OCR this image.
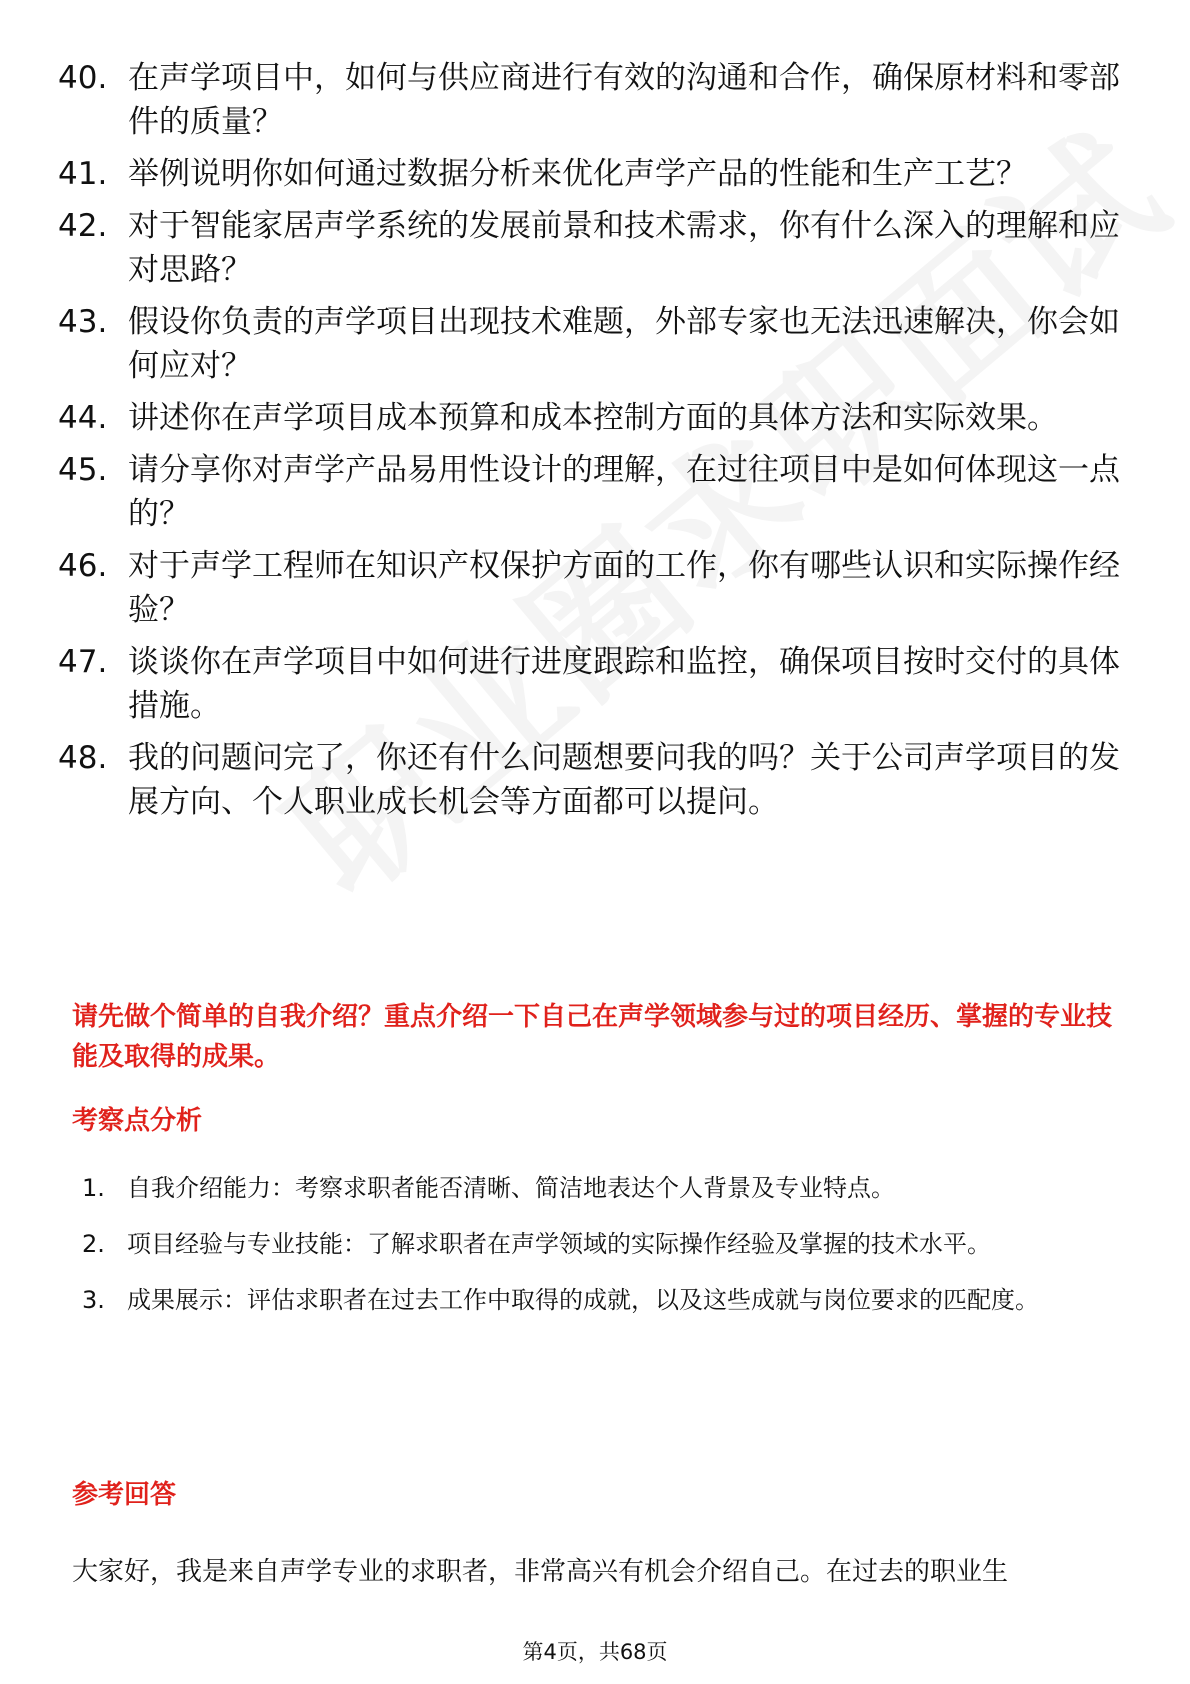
40. 在声学项目中，如何与供应商进行有效的沟通和合作，确保原材料和零部件的质量？
41. 举例说明你如何通过数据分析来优化声学产品的性能和生产工艺？
42. 对于智能家居声学系统的发展前景和技术需求，你有什么深入的理解和应对思路？
43. 假设你负责的声学项目出现技术难题，外部专家也无法迅速解决，你会如何应对？
44. 讲述你在声学项目成本预算和成本控制方面的具体方法和实际效果。
45. 请分享你对声学产品易用性设计的理解，在过往项目中是如何体现这一点的？
46. 对于声学工程师在知识产权保护方面的工作，你有哪些认识和实际操作经验？
47. 谈谈你在声学项目中如何进行进度跟踪和监控，确保项目按时交付的具体措施。
48. 我的问题问完了，你还有什么问题想要问我的吗？关于公司声学项目的发展方向、个人职业成长机会等方面都可以提问。
请先做个简单的自我介绍？重点介绍一下自己在声学领域参与过的项目经历、掌握的专业技能及取得的成果。
考察点分析
1. 自我介绍能力：考察求职者能否清晰、简洁地表达个人背景及专业特点。
2. 项目经验与专业技能：了解求职者在声学领域的实际操作经验及掌握的技术水平。
3. 成果展示：评估求职者在过去工作中取得的成就，以及这些成就与岗位要求的匹配度。
参考回答
大家好，我是来自声学专业的求职者，非常高兴有机会介绍自己。在过去的职业生
第4页，共68页
